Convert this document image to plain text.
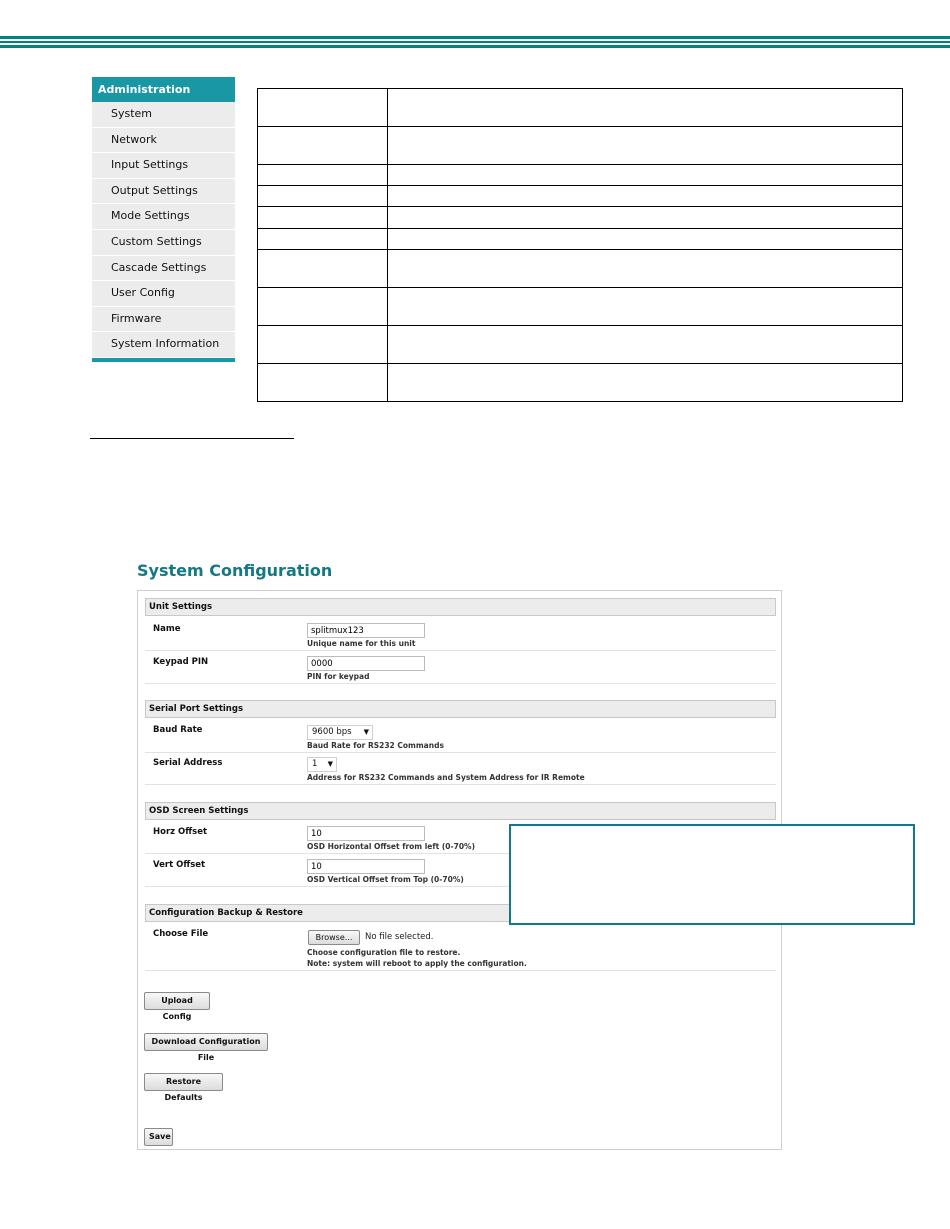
Administration
System
Network
Input Settings
Output Settings
Mode Settings
Custom Settings
Cascade Settings
User Config
Firmware
System Information

System Configuration
Unit Settings
Name
splitmux123
Unique name for this unit
Keypad PIN
0000
PIN for keypad
Serial Port Settings
Baud Rate	9600 bps ▼
Baud Rate for RS232 Commands
Serial Address	1 ▼
Address for RS232 Commands and System Address for IR Remote
OSD Screen Settings
Horz Offset
10
OSD Horizontal Offset from left (0-70%)
Vert Offset
10
OSD Vertical Offset from Top (0-70%)
Configuration Backup & Restore
Choose File	Browse...	No file selected.
Choose configuration file to restore.
Note: system will reboot to apply the configuration.
Upload Config
Download Configuration File
Restore Defaults
Save
